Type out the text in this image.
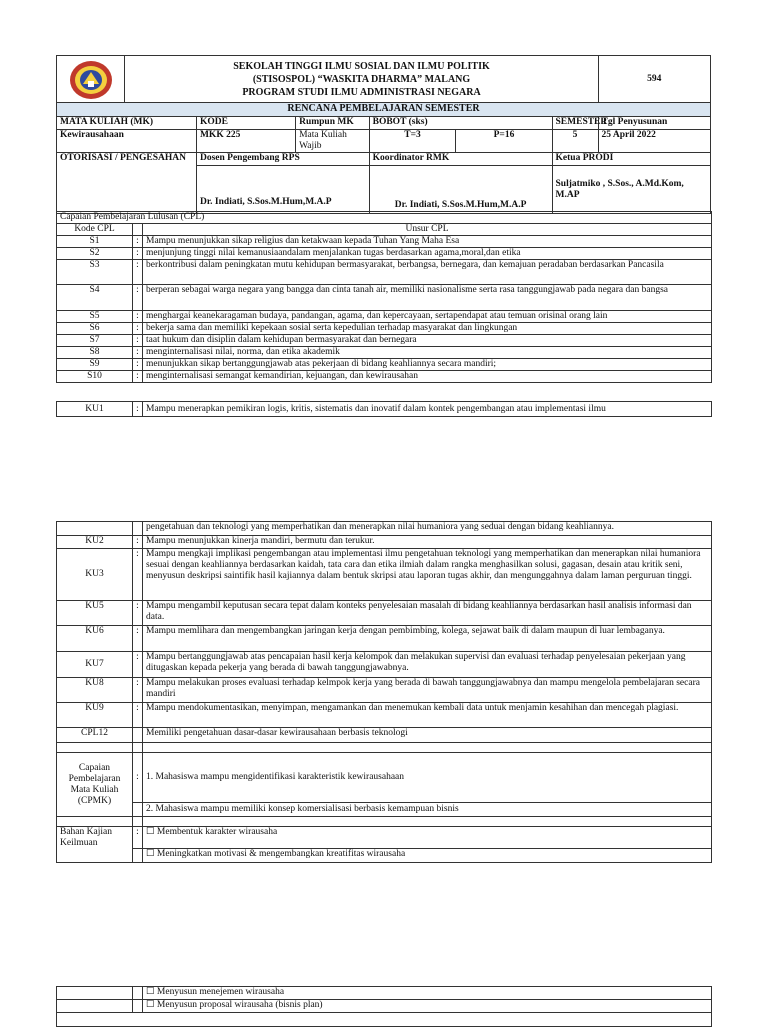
SEKOLAH TINGGI ILMU SOSIAL DAN ILMU POLITIK
(STISOSPOL) “WASKITA DHARMA” MALANG
PROGRAM STUDI ILMU ADMINISTRASI NEGARA						594
RENCANA PEMBELAJARAN SEMESTER							
MATA KULIAH (MK)		KODE	Rumpun MK	BOBOT (sks)		SEMESTER	Tgl Penyusunan
Kewirausahaan		MKK 225	Mata Kuliah Wajib	T=3	P=16	5	25 April 2022
OTORISASI / PENGESAHAN		Dosen Pengembang RPS		Koordinator RMK		Ketua PRODI	
		Dr. Indiati, S.Sos.M.Hum,M.A.P		Dr. Indiati, S.Sos.M.Hum,M.A.P		Suljatmiko , S.Sos., A.Md.Kom, M.AP	
Capaian Pembelajaran Lulusan (CPL)		
Kode CPL		Unsur CPL
S1	:	Mampu menunjukkan sikap religius dan ketakwaan kepada Tuhan Yang Maha Esa
S2	:	menjunjung tinggi nilai kemanusiaandalam menjalankan tugas berdasarkan agama,moral,dan etika
S3	:	berkontribusi dalam peningkatan mutu kehidupan bermasyarakat, berbangsa, bernegara, dan kemajuan peradaban berdasarkan Pancasila
S4	:	berperan sebagai warga negara yang bangga dan cinta tanah air, memiliki nasionalisme serta rasa tanggungjawab pada negara dan bangsa
S5	:	menghargai keanekaragaman budaya, pandangan, agama, dan kepercayaan, sertapendapat atau temuan orisinal orang lain
S6	:	bekerja sama dan memiliki kepekaan sosial serta kepedulian terhadap masyarakat dan lingkungan
S7	:	taat hukum dan disiplin dalam kehidupan bermasyarakat dan bernegara
S8	:	menginternalisasi nilai, norma, dan etika akademik
S9	:	menunjukkan sikap bertanggungjawab atas pekerjaan di bidang keahliannya secara mandiri;
S10	:	menginternalisasi semangat kemandirian, kejuangan, dan kewirausahan
KU1	:	Mampu menerapkan pemikiran logis, kritis, sistematis dan inovatif dalam kontek pengembangan atau implementasi ilmu
		pengetahuan dan teknologi yang memperhatikan dan menerapkan nilai humaniora yang seduai dengan bidang keahliannya.
KU2	:	Mampu menunjukkan kinerja mandiri, bermutu dan terukur.
KU3	:	Mampu mengkaji implikasi pengembangan atau implementasi ilmu pengetahuan teknologi yang memperhatikan dan menerapkan nilai humaniora sesuai dengan keahliannya berdasarkan kaidah, tata cara dan etika ilmiah dalam rangka menghasilkan solusi, gagasan, desain atau kritik seni, menyusun deskripsi saintifik hasil kajiannya dalam bentuk skripsi atau laporan tugas akhir, dan mengunggahnya dalam laman perguruan tinggi.
KU5	:	Mampu mengambil keputusan secara tepat dalam konteks penyelesaian masalah di bidang keahliannya berdasarkan hasil analisis informasi dan data.
KU6	:	Mampu memlihara dan mengembangkan jaringan kerja dengan pembimbing, kolega, sejawat baik di dalam maupun di luar lembaganya.
KU7	:	Mampu bertanggungjawab atas pencapaian hasil kerja kelompok dan melakukan supervisi dan evaluasi terhadap penyelesaian pekerjaan yang ditugaskan kepada pekerja yang berada di bawah tanggungjawabnya.
KU8	:	Mampu melakukan proses evaluasi terhadap kelmpok kerja yang berada di bawah tanggungjawabnya dan mampu mengelola pembelajaran secara mandiri
KU9	:	Mampu mendokumentasikan, menyimpan, mengamankan dan menemukan kembali data untuk menjamin kesahihan dan mencegah plagiasi.
CPL12		Memiliki pengetahuan dasar-dasar kewirausahaan berbasis teknologi

Capaian Pembelajaran Mata Kuliah (CPMK)	:	1. Mahasiswa mampu mengidentifikasi karakteristik kewirausahaan
		2. Mahasiswa mampu memiliki konsep komersialisasi berbasis kemampuan bisnis

Bahan Kajian Keilmuan	:	☐ Membentuk karakter wirausaha
		☐ Meningkatkan motivasi & mengembangkan kreatifitas wirausaha
		☐ Menyusun menejemen wirausaha
		☐ Menyusun proposal wirausaha (bisnis plan)
